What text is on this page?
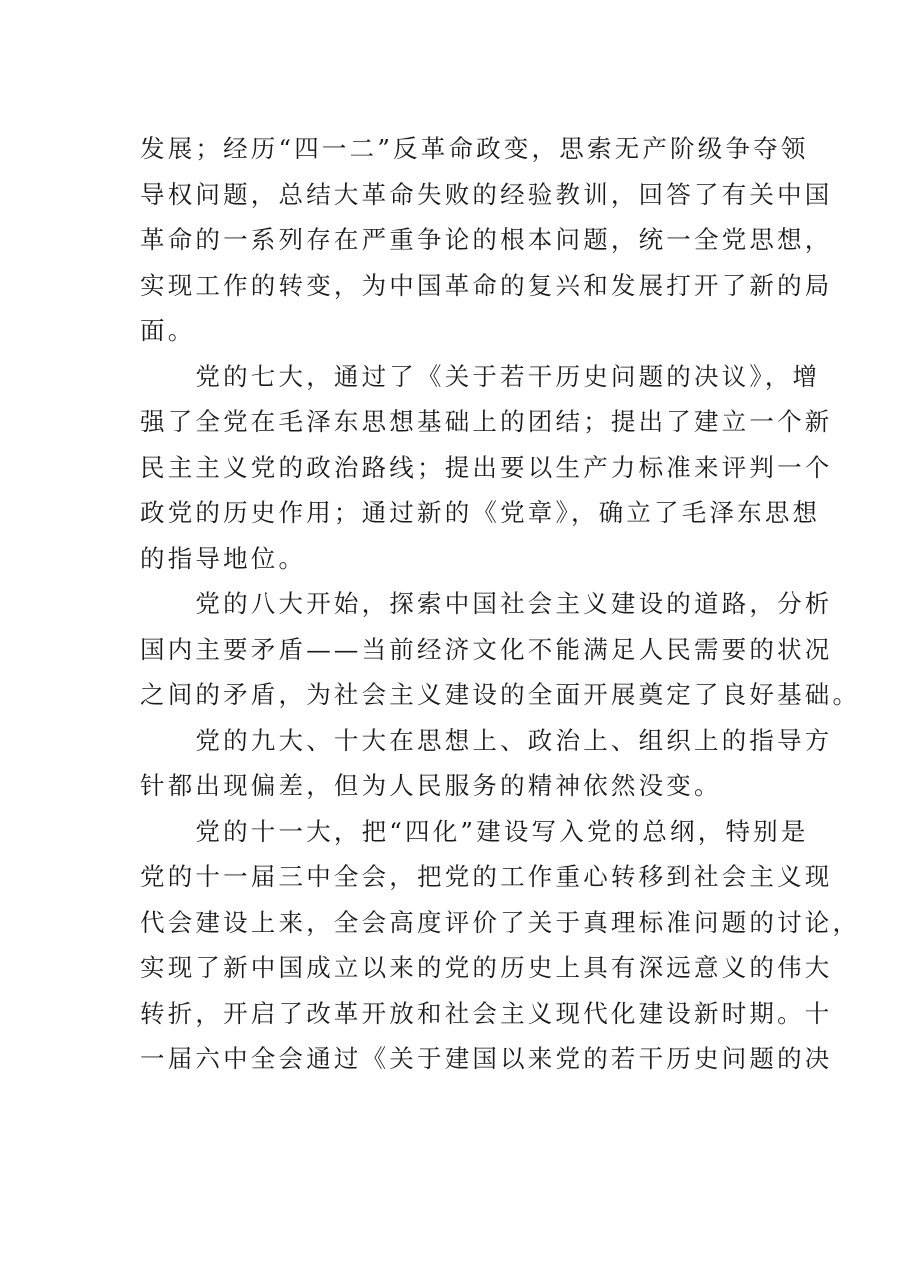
发展；经历“四一二”反革命政变，思索无产阶级争夺领
导权问题，总结大革命失败的经验教训，回答了有关中国
革命的一系列存在严重争论的根本问题，统一全党思想，
实现工作的转变，为中国革命的复兴和发展打开了新的局
面。
　　党的七大，通过了《关于若干历史问题的决议》，增
强了全党在毛泽东思想基础上的团结；提出了建立一个新
民主主义党的政治路线；提出要以生产力标准来评判一个
政党的历史作用；通过新的《党章》，确立了毛泽东思想
的指导地位。
　　党的八大开始，探索中国社会主义建设的道路，分析
国内主要矛盾——当前经济文化不能满足人民需要的状况
之间的矛盾，为社会主义建设的全面开展奠定了良好基础。
　　党的九大、十大在思想上、政治上、组织上的指导方
针都出现偏差，但为人民服务的精神依然没变。
　　党的十一大，把“四化”建设写入党的总纲，特别是
党的十一届三中全会，把党的工作重心转移到社会主义现
代会建设上来，全会高度评价了关于真理标准问题的讨论，
实现了新中国成立以来的党的历史上具有深远意义的伟大
转折，开启了改革开放和社会主义现代化建设新时期。十
一届六中全会通过《关于建国以来党的若干历史问题的决
